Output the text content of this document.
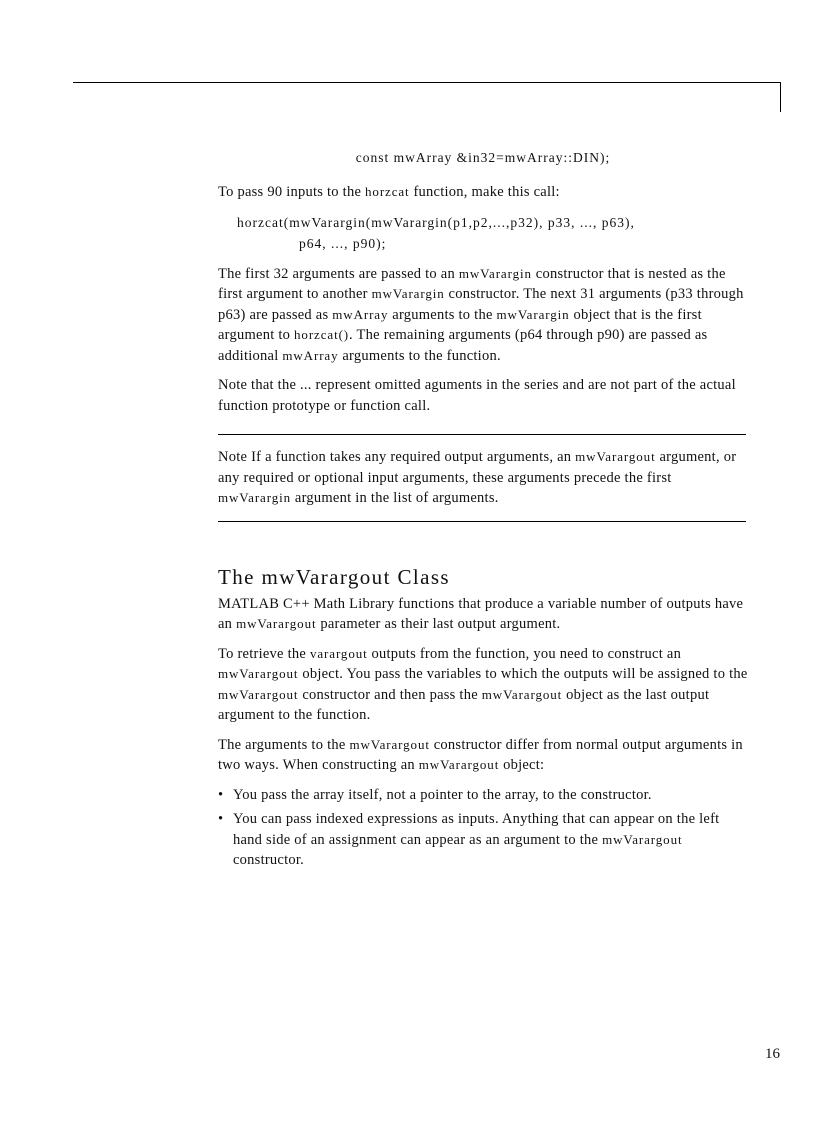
const mwArray &in32=mwArray::DIN);

To pass 90 inputs to the horzcat function, make this call:

horzcat(mwVarargin(mwVarargin(p1,p2,...,p32), p33, ..., p63),
p64, ..., p90);

The first 32 arguments are passed to an mwVarargin constructor that is nested as the first argument to another mwVarargin constructor. The next 31 arguments (p33 through p63) are passed as mwArray arguments to the mwVarargin object that is the first argument to horzcat(). The remaining arguments (p64 through p90) are passed as additional mwArray arguments to the function.

Note that the ... represent omitted aguments in the series and are not part of the actual function prototype or function call.

Note If a function takes any required output arguments, an mwVarargout argument, or any required or optional input arguments, these arguments precede the first mwVarargin argument in the list of arguments.

The mwVarargout Class

MATLAB C++ Math Library functions that produce a variable number of outputs have an mwVarargout parameter as their last output argument.

To retrieve the varargout outputs from the function, you need to construct an mwVarargout object. You pass the variables to which the outputs will be assigned to the mwVarargout constructor and then pass the mwVarargout object as the last output argument to the function.

The arguments to the mwVarargout constructor differ from normal output arguments in two ways. When constructing an mwVarargout object:

• You pass the array itself, not a pointer to the array, to the constructor.
• You can pass indexed expressions as inputs. Anything that can appear on the left hand side of an assignment can appear as an argument to the mwVarargout constructor.
16
